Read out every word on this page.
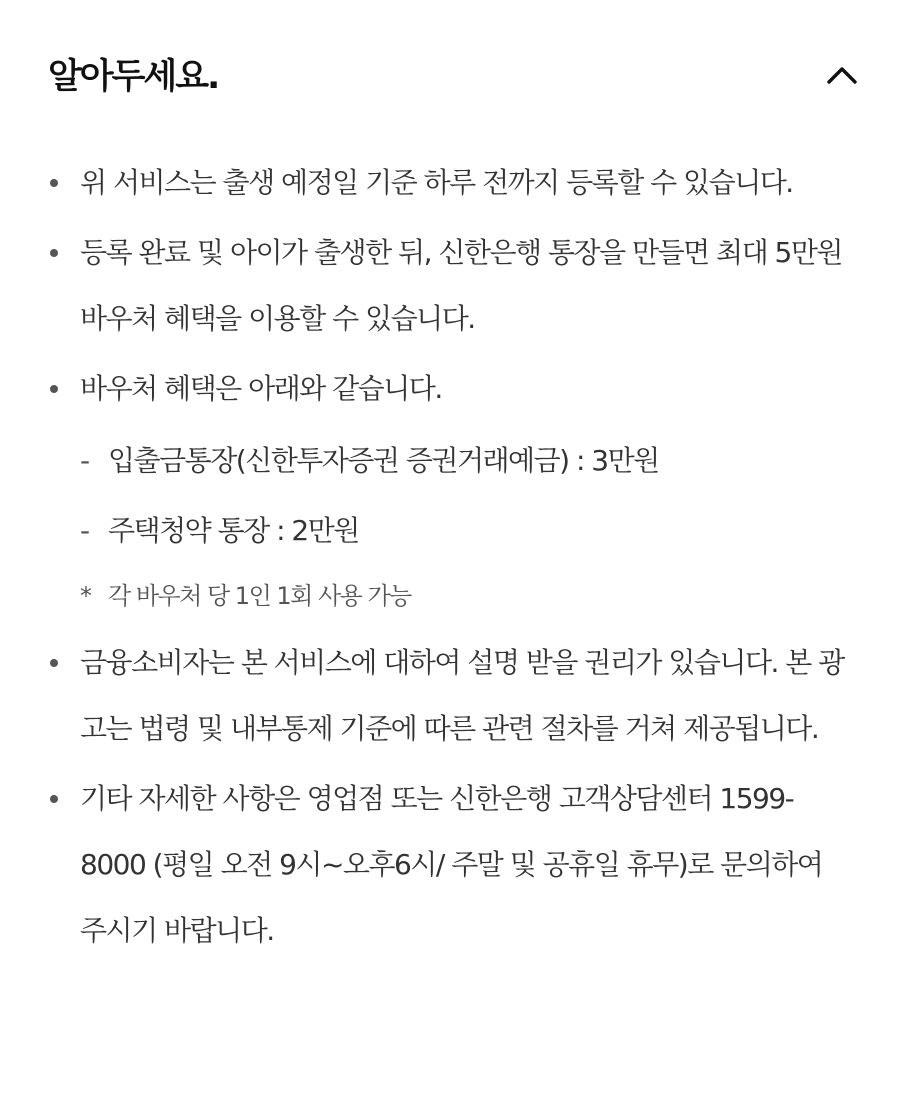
알아두세요.
위 서비스는 출생 예정일 기준 하루 전까지 등록할 수 있습니다.
등록 완료 및 아이가 출생한 뒤, 신한은행 통장을 만들면 최대 5만원 바우처 혜택을 이용할 수 있습니다.
바우처 혜택은 아래와 같습니다.
- 입출금통장(신한투자증권 증권거래예금) : 3만원
- 주택청약 통장 : 2만원
* 각 바우처 당 1인 1회 사용 가능
금융소비자는 본 서비스에 대하여 설명 받을 권리가 있습니다. 본 광고는 법령 및 내부통제 기준에 따른 관련 절차를 거쳐 제공됩니다.
기타 자세한 사항은 영업점 또는 신한은행 고객상담센터 1599-8000 (평일 오전 9시~오후6시/ 주말 및 공휴일 휴무)로 문의하여 주시기 바랍니다.
